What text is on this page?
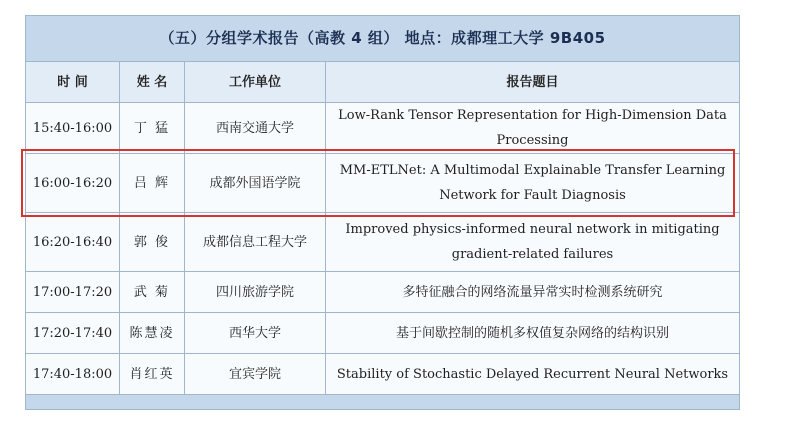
（五）分组学术报告（高教 4 组） 地点：成都理工大学 9B405			
时 间	姓 名	工作单位	报告题目
15:40-16:00	丁 猛	西南交通大学	Low-Rank Tensor Representation for High-Dimension Data Processing
16:00-16:20	吕 辉	成都外国语学院	MM-ETLNet: A Multimodal Explainable Transfer Learning Network for Fault Diagnosis
16:20-16:40	郭 俊	成都信息工程大学	Improved physics-informed neural network in mitigating gradient-related failures
17:00-17:20	武 菊	四川旅游学院	多特征融合的网络流量异常实时检测系统研究
17:20-17:40	陈慧凌	西华大学	基于间歇控制的随机多权值复杂网络的结构识别
17:40-18:00	肖红英	宜宾学院	Stability of Stochastic Delayed Recurrent Neural Networks
